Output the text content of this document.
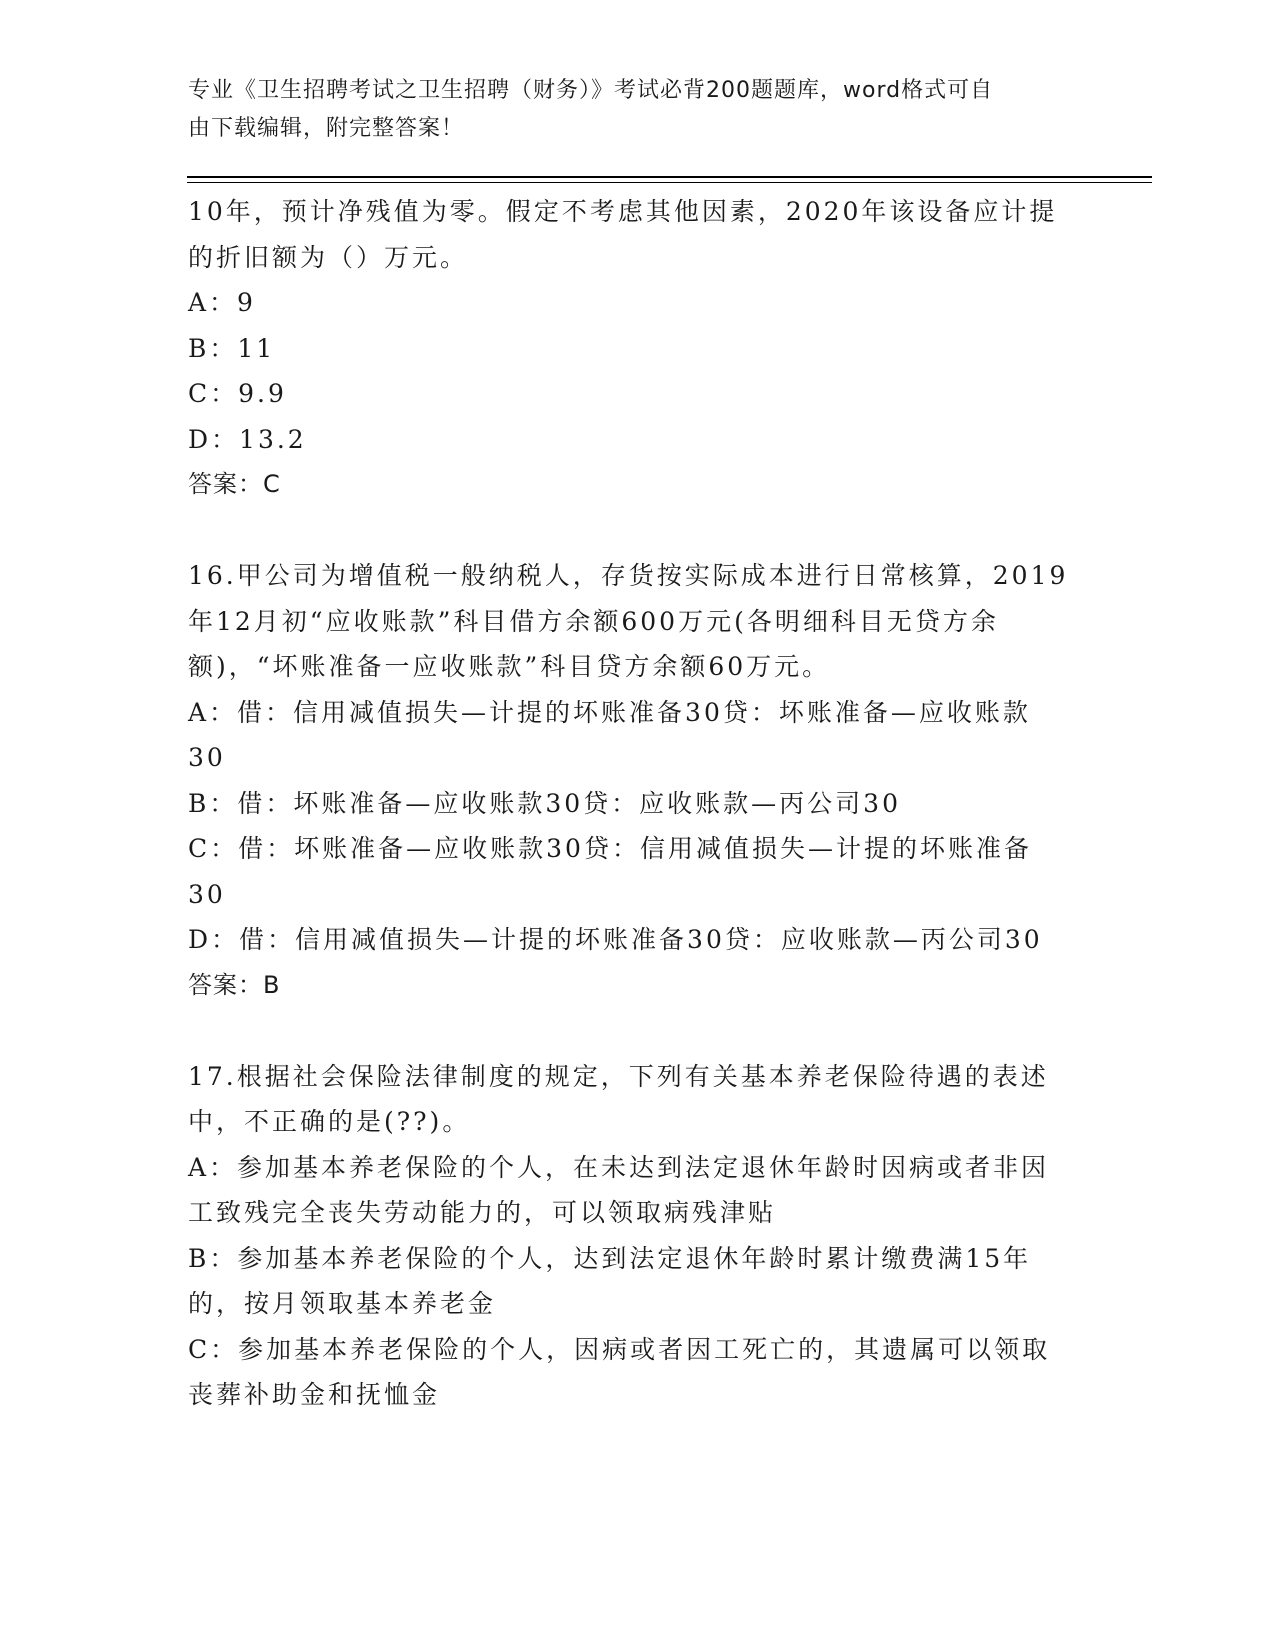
专业《卫生招聘考试之卫生招聘（财务）》考试必背200题题库，word格式可自
由下载编辑，附完整答案！
10年，预计净残值为零。假定不考虑其他因素，2020年该设备应计提
的折旧额为（）万元。
A：9
B：11
C：9.9
D：13.2
答案：C
16.甲公司为增值税一般纳税人，存货按实际成本进行日常核算，2019
年12月初“应收账款”科目借方余额600万元(各明细科目无贷方余
额)，“坏账准备一应收账款”科目贷方余额60万元。
A：借：信用减值损失—计提的坏账准备30贷：坏账准备—应收账款
30
B：借：坏账准备—应收账款30贷：应收账款—丙公司30
C：借：坏账准备—应收账款30贷：信用减值损失—计提的坏账准备
30
D：借：信用减值损失—计提的坏账准备30贷：应收账款—丙公司30
答案：B
17.根据社会保险法律制度的规定，下列有关基本养老保险待遇的表述
中，不正确的是(??)。
A：参加基本养老保险的个人，在未达到法定退休年龄时因病或者非因
工致残完全丧失劳动能力的，可以领取病残津贴
B：参加基本养老保险的个人，达到法定退休年龄时累计缴费满15年
的，按月领取基本养老金
C：参加基本养老保险的个人，因病或者因工死亡的，其遗属可以领取
丧葬补助金和抚恤金
